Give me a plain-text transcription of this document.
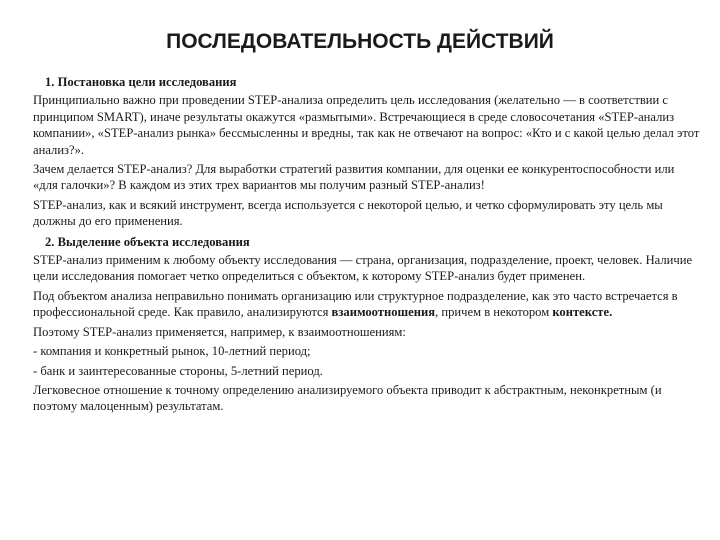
ПОСЛЕДОВАТЕЛЬНОСТЬ ДЕЙСТВИЙ
1. Постановка цели исследования
Принципиально важно при проведении STEP-анализа определить цель исследования (желательно — в соответствии с принципом SMART), иначе результаты окажутся «размытыми». Встречающиеся в среде словосочетания «STEP-анализ компании», «STEP-анализ рынка» бессмысленны и вредны, так как не отвечают на вопрос: «Кто и с какой целью делал этот анализ?».
Зачем делается STEP-анализ? Для выработки стратегий развития компании, для оценки ее конкурентоспособности или «для галочки»? В каждом из этих трех вариантов мы получим разный STEP-анализ!
STEP-анализ, как и всякий инструмент, всегда используется с некоторой целью, и четко сформулировать эту цель мы должны до его применения.
2. Выделение объекта исследования
STEP-анализ применим к любому объекту исследования — страна, организация, подразделение, проект, человек. Наличие цели исследования помогает четко определиться с объектом, к которому STEP-анализ будет применен.
Под объектом анализа неправильно понимать организацию или структурное подразделение, как это часто встречается в профессиональной среде. Как правило, анализируются взаимоотношения, причем в некотором контексте.
Поэтому STEP-анализ применяется, например, к взаимоотношениям:
- компания и конкретный рынок, 10-летний период;
- банк и заинтересованные стороны, 5-летний период.
Легковесное отношение к точному определению анализируемого объекта приводит к абстрактным, неконкретным (и поэтому малоценным) результатам.
